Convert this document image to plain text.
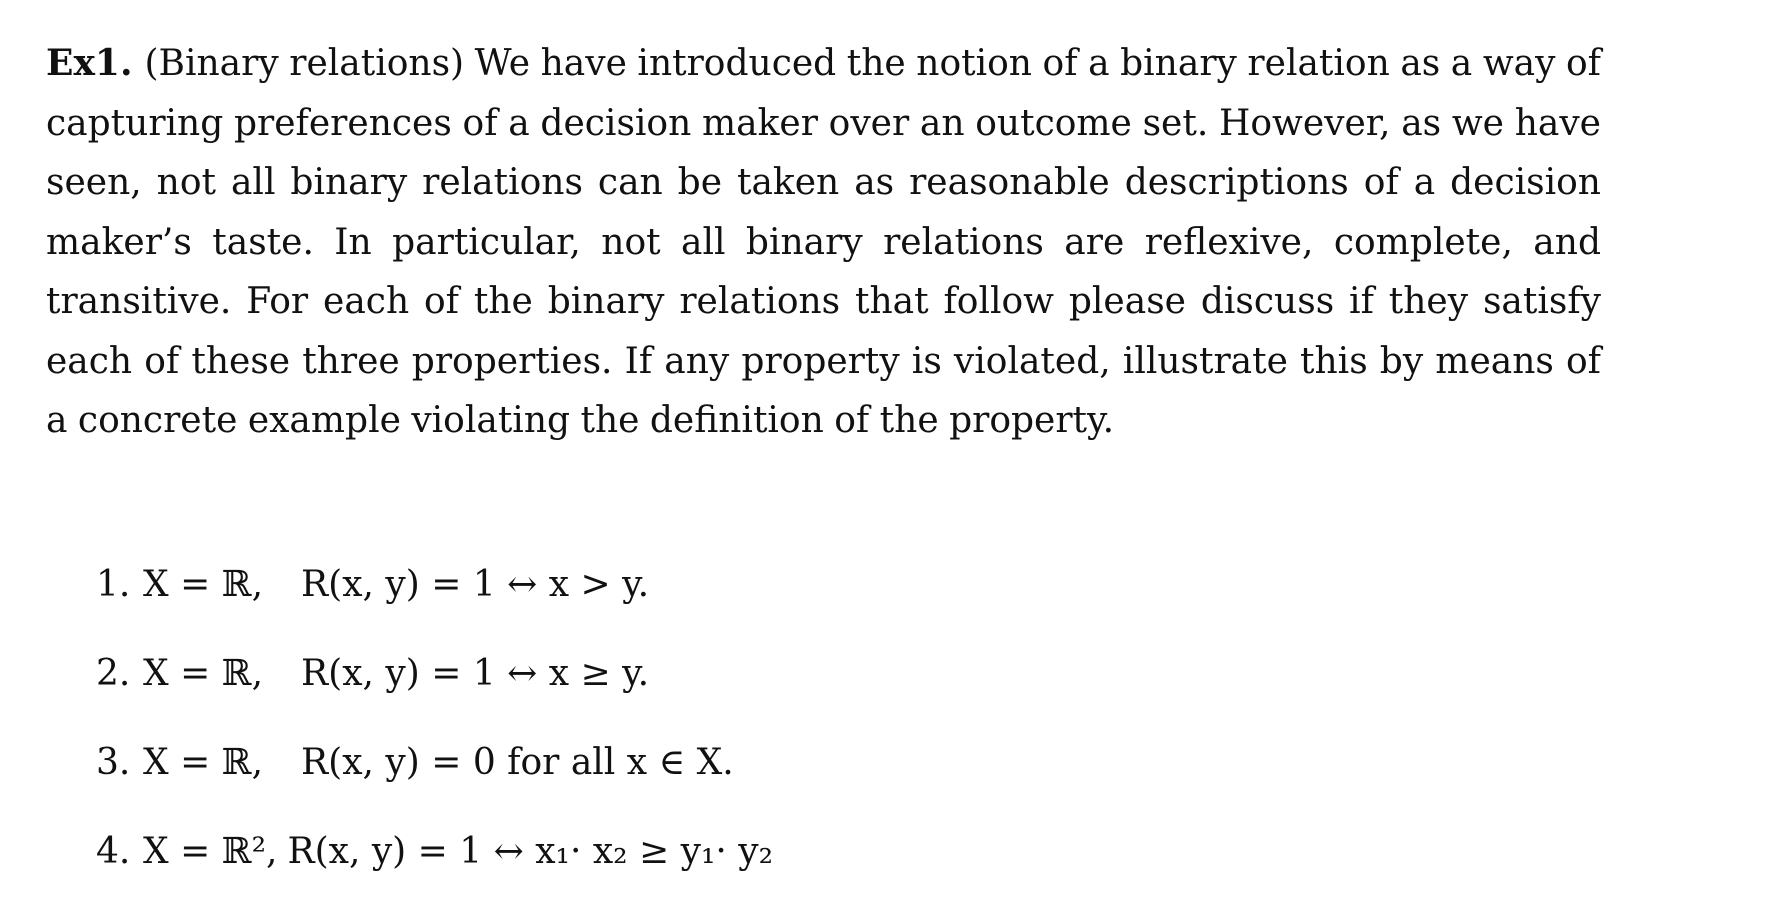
Ex1. (Binary relations) We have introduced the notion of a binary relation as a way of capturing preferences of a decision maker over an outcome set. However, as we have seen, not all binary relations can be taken as reasonable descriptions of a decision maker’s taste. In particular, not all binary relations are reflexive, complete, and transitive. For each of the binary relations that follow please discuss if they satisfy each of these three properties. If any property is violated, illustrate this by means of a concrete example violating the definition of the property.

1. X = ℝ, R(x, y) = 1 ↔ x > y.
2. X = ℝ, R(x, y) = 1 ↔ x ≥ y.
3. X = ℝ, R(x, y) = 0 for all x ∈ X.
4. X = ℝ², R(x, y) = 1 ↔ x₁· x₂ ≥ y₁· y₂
